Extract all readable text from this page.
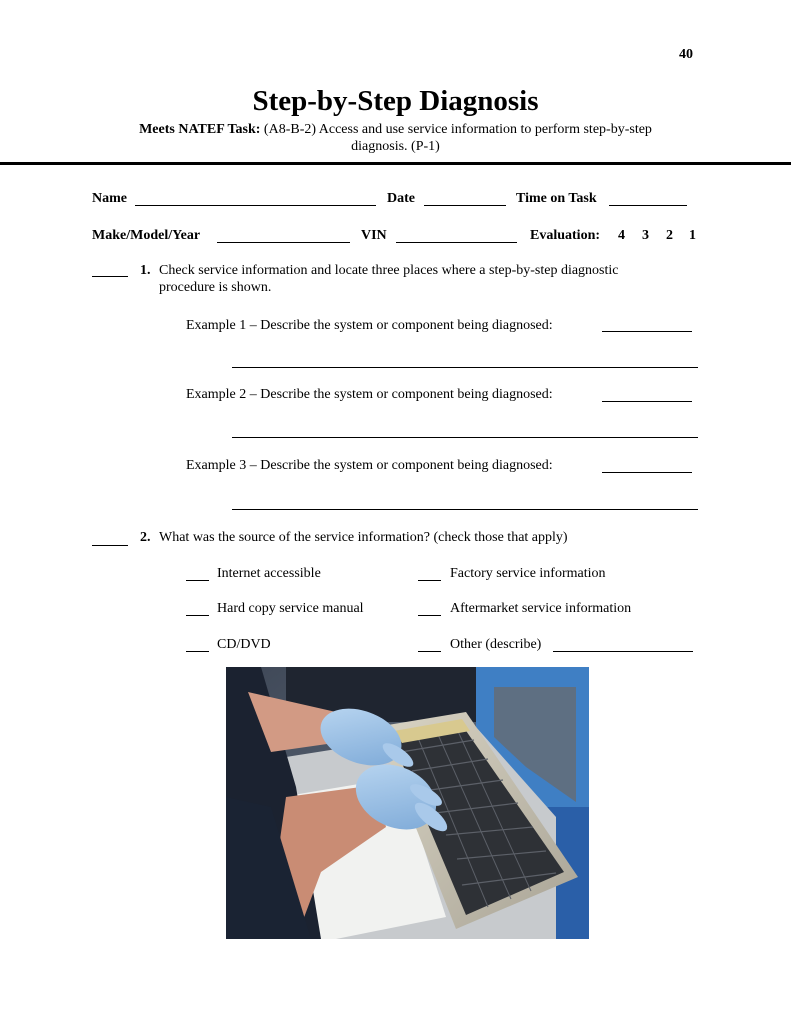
40
Step-by-Step Diagnosis
Meets NATEF Task: (A8-B-2) Access and use service information to perform step-by-step
diagnosis. (P-1)
Name	Date	Time on Task
Make/Model/Year	VIN	Evaluation: 4 3 2 1
1. Check service information and locate three places where a step-by-step diagnostic
procedure is shown.
Example 1 – Describe the system or component being diagnosed:
Example 2 – Describe the system or component being diagnosed:
Example 3 – Describe the system or component being diagnosed:
2. What was the source of the service information? (check those that apply)
Internet accessible	Factory service information
Hard copy service manual	Aftermarket service information
CD/DVD	Other (describe)
